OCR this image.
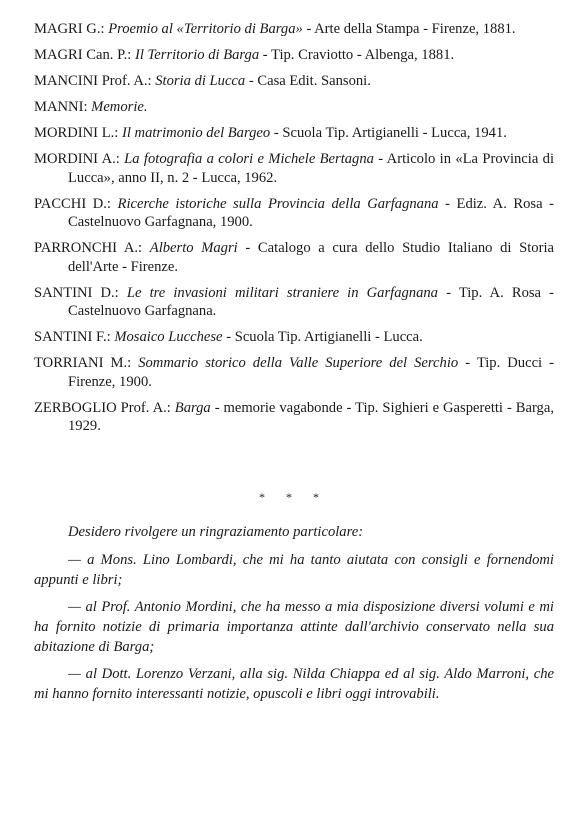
MAGRI G.: Proemio al «Territorio di Barga» - Arte della Stampa - Firenze, 1881.
MAGRI Can. P.: Il Territorio di Barga - Tip. Craviotto - Albenga, 1881.
MANCINI Prof. A.: Storia di Lucca - Casa Edit. Sansoni.
MANNI: Memorie.
MORDINI L.: Il matrimonio del Bargeo - Scuola Tip. Artigianelli - Lucca, 1941.
MORDINI A.: La fotografia a colori e Michele Bertagna - Articolo in «La Provincia di Lucca», anno II, n. 2 - Lucca, 1962.
PACCHI D.: Ricerche istoriche sulla Provincia della Garfagnana - Ediz. A. Rosa - Castelnuovo Garfagnana, 1900.
PARRONCHI A.: Alberto Magri - Catalogo a cura dello Studio Italiano di Storia dell'Arte - Firenze.
SANTINI D.: Le tre invasioni militari straniere in Garfagnana - Tip. A. Rosa - Castelnuovo Garfagnana.
SANTINI F.: Mosaico Lucchese - Scuola Tip. Artigianelli - Lucca.
TORRIANI M.: Sommario storico della Valle Superiore del Serchio - Tip. Ducci - Firenze, 1900.
ZERBOGLIO Prof. A.: Barga - memorie vagabonde - Tip. Sighieri e Gasperetti - Barga, 1929.
* * *

Desidero rivolgere un ringraziamento particolare:

— a Mons. Lino Lombardi, che mi ha tanto aiutata con consigli e fornendomi appunti e libri;

— al Prof. Antonio Mordini, che ha messo a mia disposizione diversi volumi e mi ha fornito notizie di primaria importanza attinte dall'archivio conservato nella sua abitazione di Barga;

— al Dott. Lorenzo Verzani, alla sig. Nilda Chiappa ed al sig. Aldo Marroni, che mi hanno fornito interessanti notizie, opuscoli e libri oggi introvabili.
